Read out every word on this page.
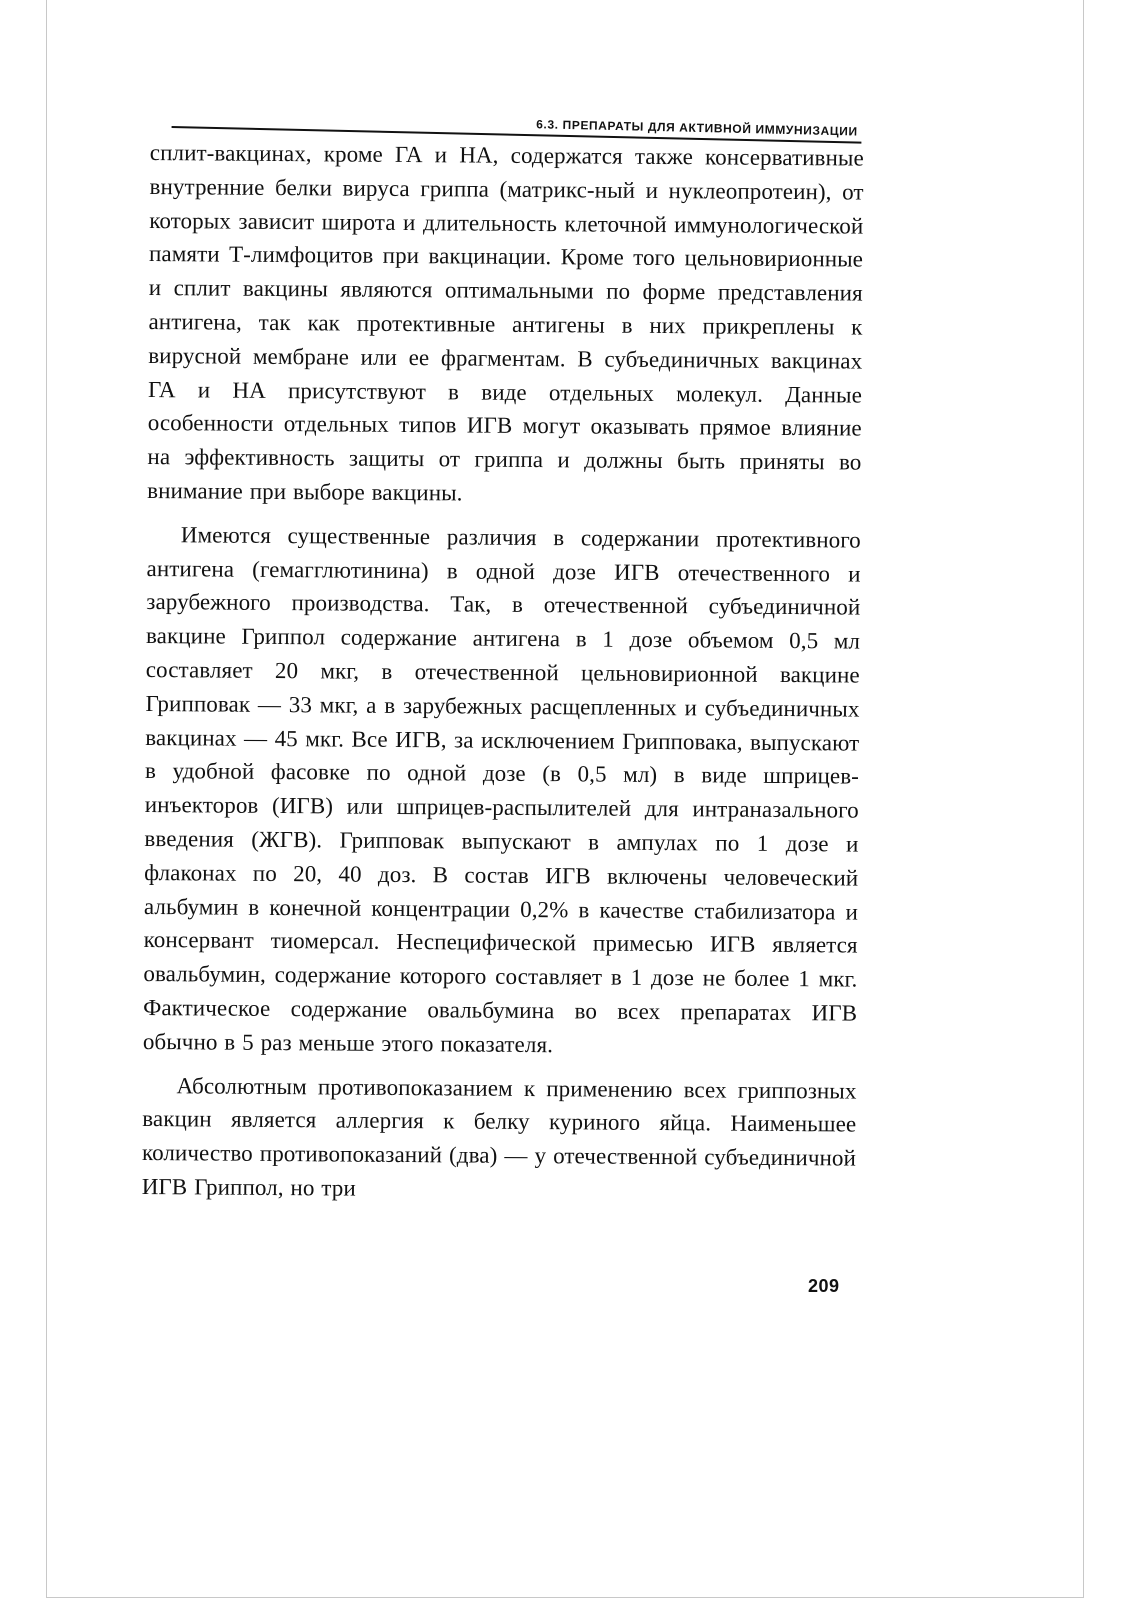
6.3. ПРЕПАРАТЫ ДЛЯ АКТИВНОЙ ИММУНИЗАЦИИ

сплит-вакцинах, кроме ГА и НА, содержатся также консервативные внутренние белки вируса гриппа (матрикс-ный и нуклеопротеин), от которых зависит широта и длительность клеточной иммунологической памяти Т-лимфоцитов при вакцинации. Кроме того цельновирионные и сплит вакцины являются оптимальными по форме представления антигена, так как протективные антигены в них прикреплены к вирусной мембране или ее фрагментам. В субъединичных вакцинах ГА и НА присутствуют в виде отдельных молекул. Данные особенности отдельных типов ИГВ могут оказывать прямое влияние на эффективность защиты от гриппа и должны быть приняты во внимание при выборе вакцины.

Имеются существенные различия в содержании протективного антигена (гемагглютинина) в одной дозе ИГВ отечественного и зарубежного производства. Так, в отечественной субъединичной вакцине Гриппол содержание антигена в 1 дозе объемом 0,5 мл составляет 20 мкг, в отечественной цельновирионной вакцине Грипповак — 33 мкг, а в зарубежных расщепленных и субъединичных вакцинах — 45 мкг. Все ИГВ, за исключением Грипповака, выпускают в удобной фасовке по одной дозе (в 0,5 мл) в виде шприцев-инъекторов (ИГВ) или шприцев-распылителей для интраназального введения (ЖГВ). Грипповак выпускают в ампулах по 1 дозе и флаконах по 20, 40 доз. В состав ИГВ включены человеческий альбумин в конечной концентрации 0,2% в качестве стабилизатора и консервант тиомерсал. Неспецифической примесью ИГВ является овальбумин, содержание которого составляет в 1 дозе не более 1 мкг. Фактическое содержание овальбумина во всех препаратах ИГВ обычно в 5 раз меньше этого показателя.

Абсолютным противопоказанием к применению всех гриппозных вакцин является аллергия к белку куриного яйца. Наименьшее количество противопоказаний (два) — у отечественной субъединичной ИГВ Гриппол, но три

209
